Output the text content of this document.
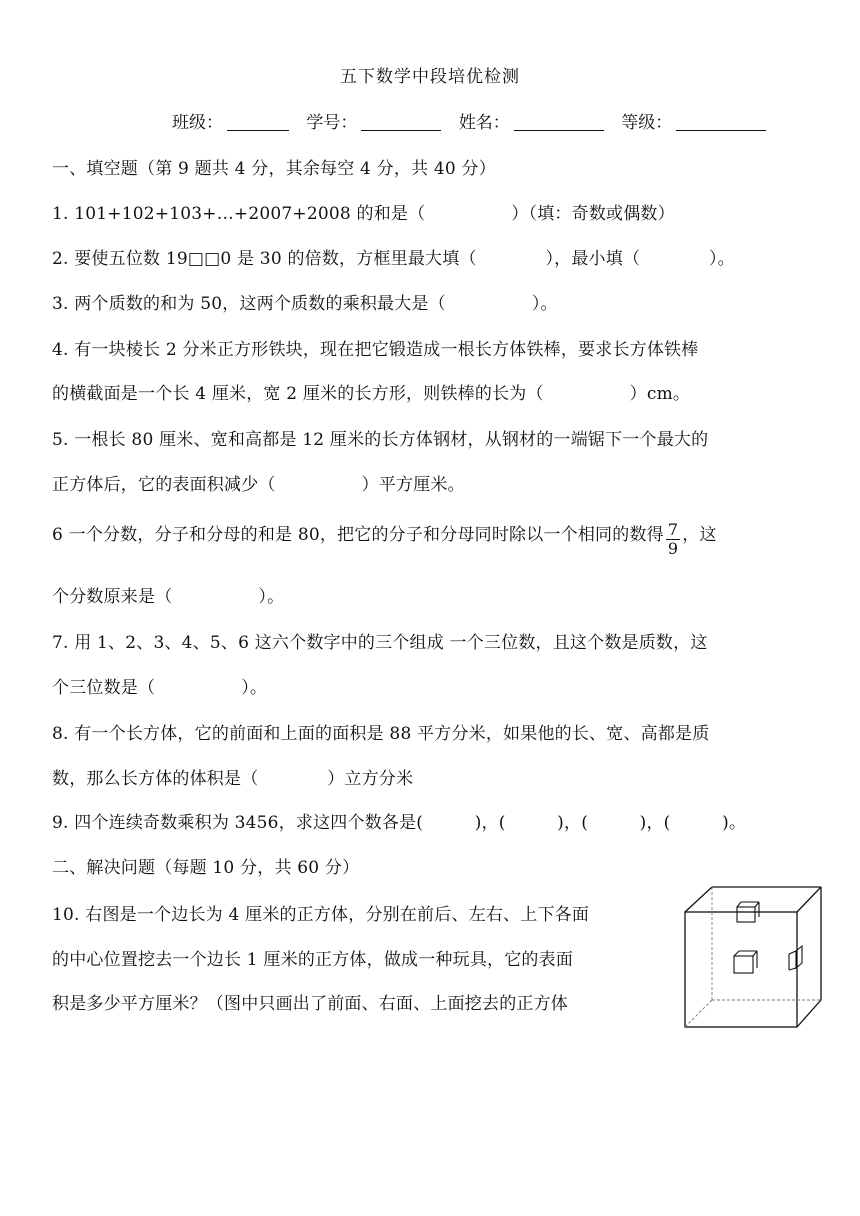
五下数学中段培优检测
班级：	学号：	姓名：	等级：
一、填空题（第 9 题共 4 分，其余每空 4 分，共 40 分）
1. 101+102+103+…+2007+2008 的和是（　　　　　）（填：奇数或偶数）
2. 要使五位数 19□□0 是 30 的倍数，方框里最大填（　　　　），最小填（　　　　）。
3. 两个质数的和为 50，这两个质数的乘积最大是（　　　　　）。
4. 有一块棱长 2 分米正方形铁块，现在把它锻造成一根长方体铁棒，要求长方体铁棒
的横截面是一个长 4 厘米，宽 2 厘米的长方形，则铁棒的长为（　　　　　）cm。
5. 一根长 80 厘米、宽和高都是 12 厘米的长方体钢材，从钢材的一端锯下一个最大的
正方体后，它的表面积减少（　　　　　）平方厘米。
6 一个分数，分子和分母的和是 80，把它的分子和分母同时除以一个相同的数得 $\frac{7}{9}$ ，这
个分数原来是（　　　　　）。
7. 用 1、2、3、4、5、6 这六个数字中的三个组成 一个三位数，且这个数是质数，这
个三位数是（　　　　　）。
8. 有一个长方体，它的前面和上面的面积是 88 平方分米，如果他的长、宽、高都是质
数，那么长方体的体积是（　　　　）立方分米
9. 四个连续奇数乘积为 3456，求这四个数各是(　　　)，(　　　)，(　　　)，(　　　)。
二、解决问题（每题 10 分，共 60 分）
10. 右图是一个边长为 4 厘米的正方体，分别在前后、左右、上下各面
的中心位置挖去一个边长 1 厘米的正方体，做成一种玩具，它的表面
积是多少平方厘米？（图中只画出了前面、右面、上面挖去的正方体
